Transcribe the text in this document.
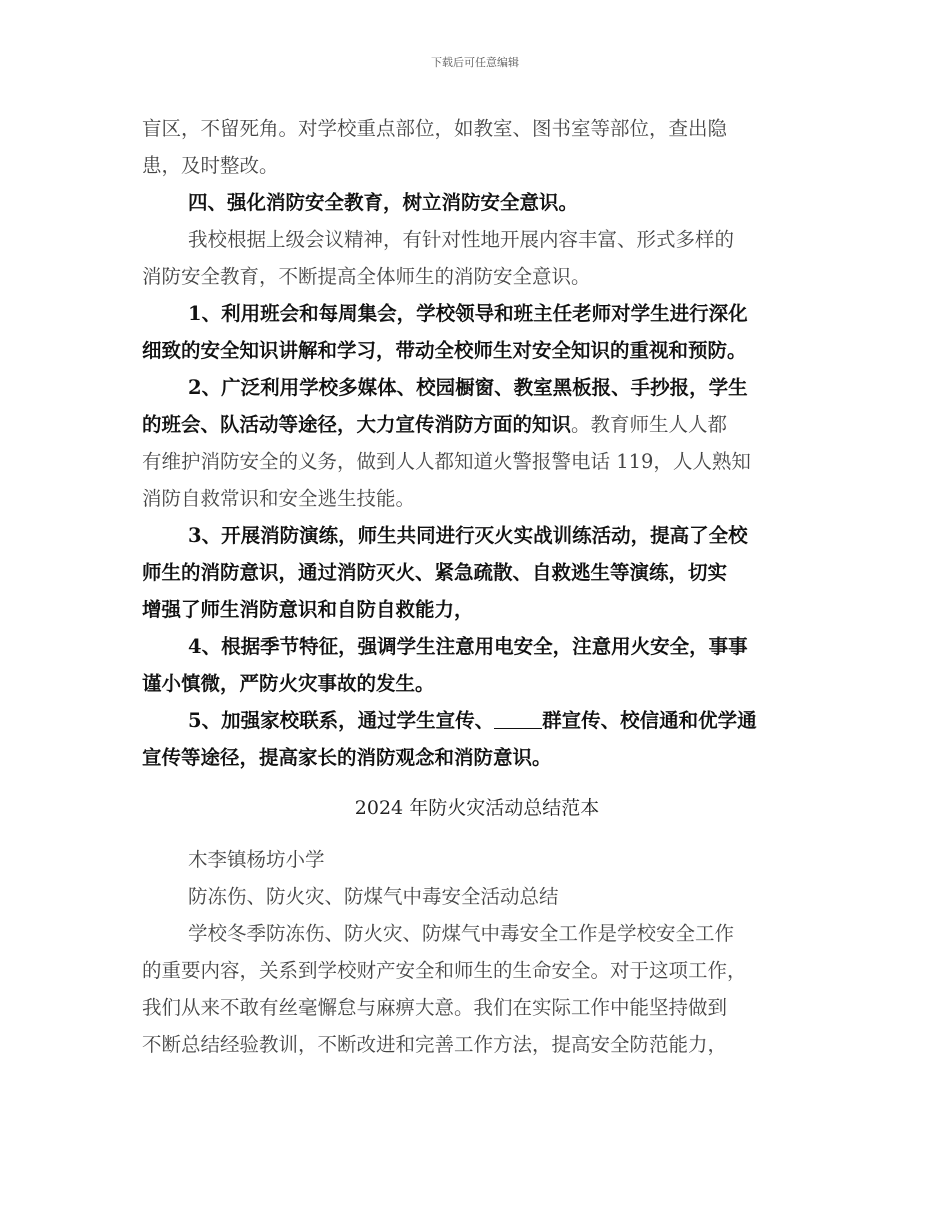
下载后可任意编辑
盲区，不留死角。对学校重点部位，如教室、图书室等部位，查出隐
患，及时整改。
四、强化消防安全教育，树立消防安全意识。
我校根据上级会议精神，有针对性地开展内容丰富、形式多样的
消防安全教育，不断提高全体师生的消防安全意识。
1、利用班会和每周集会，学校领导和班主任老师对学生进行深化
细致的安全知识讲解和学习，带动全校师生对安全知识的重视和预防。
2、广泛利用学校多媒体、校园橱窗、教室黑板报、手抄报，学生
的班会、队活动等途径，大力宣传消防方面的知识。教育师生人人都
有维护消防安全的义务，做到人人都知道火警报警电话 119，人人熟知
消防自救常识和安全逃生技能。
3、开展消防演练，师生共同进行灭火实战训练活动，提高了全校
师生的消防意识，通过消防灭火、紧急疏散、自救逃生等演练，切实
增强了师生消防意识和自防自救能力，
4、根据季节特征，强调学生注意用电安全，注意用火安全，事事
谨小慎微，严防火灾事故的发生。
5、加强家校联系，通过学生宣传、 群宣传、校信通和优学通
宣传等途径，提高家长的消防观念和消防意识。
2024 年防火灾活动总结范本
木李镇杨坊小学
防冻伤、防火灾、防煤气中毒安全活动总结
学校冬季防冻伤、防火灾、防煤气中毒安全工作是学校安全工作
的重要内容，关系到学校财产安全和师生的生命安全。对于这项工作，
我们从来不敢有丝毫懈怠与麻痹大意。我们在实际工作中能坚持做到
不断总结经验教训，不断改进和完善工作方法，提高安全防范能力，
